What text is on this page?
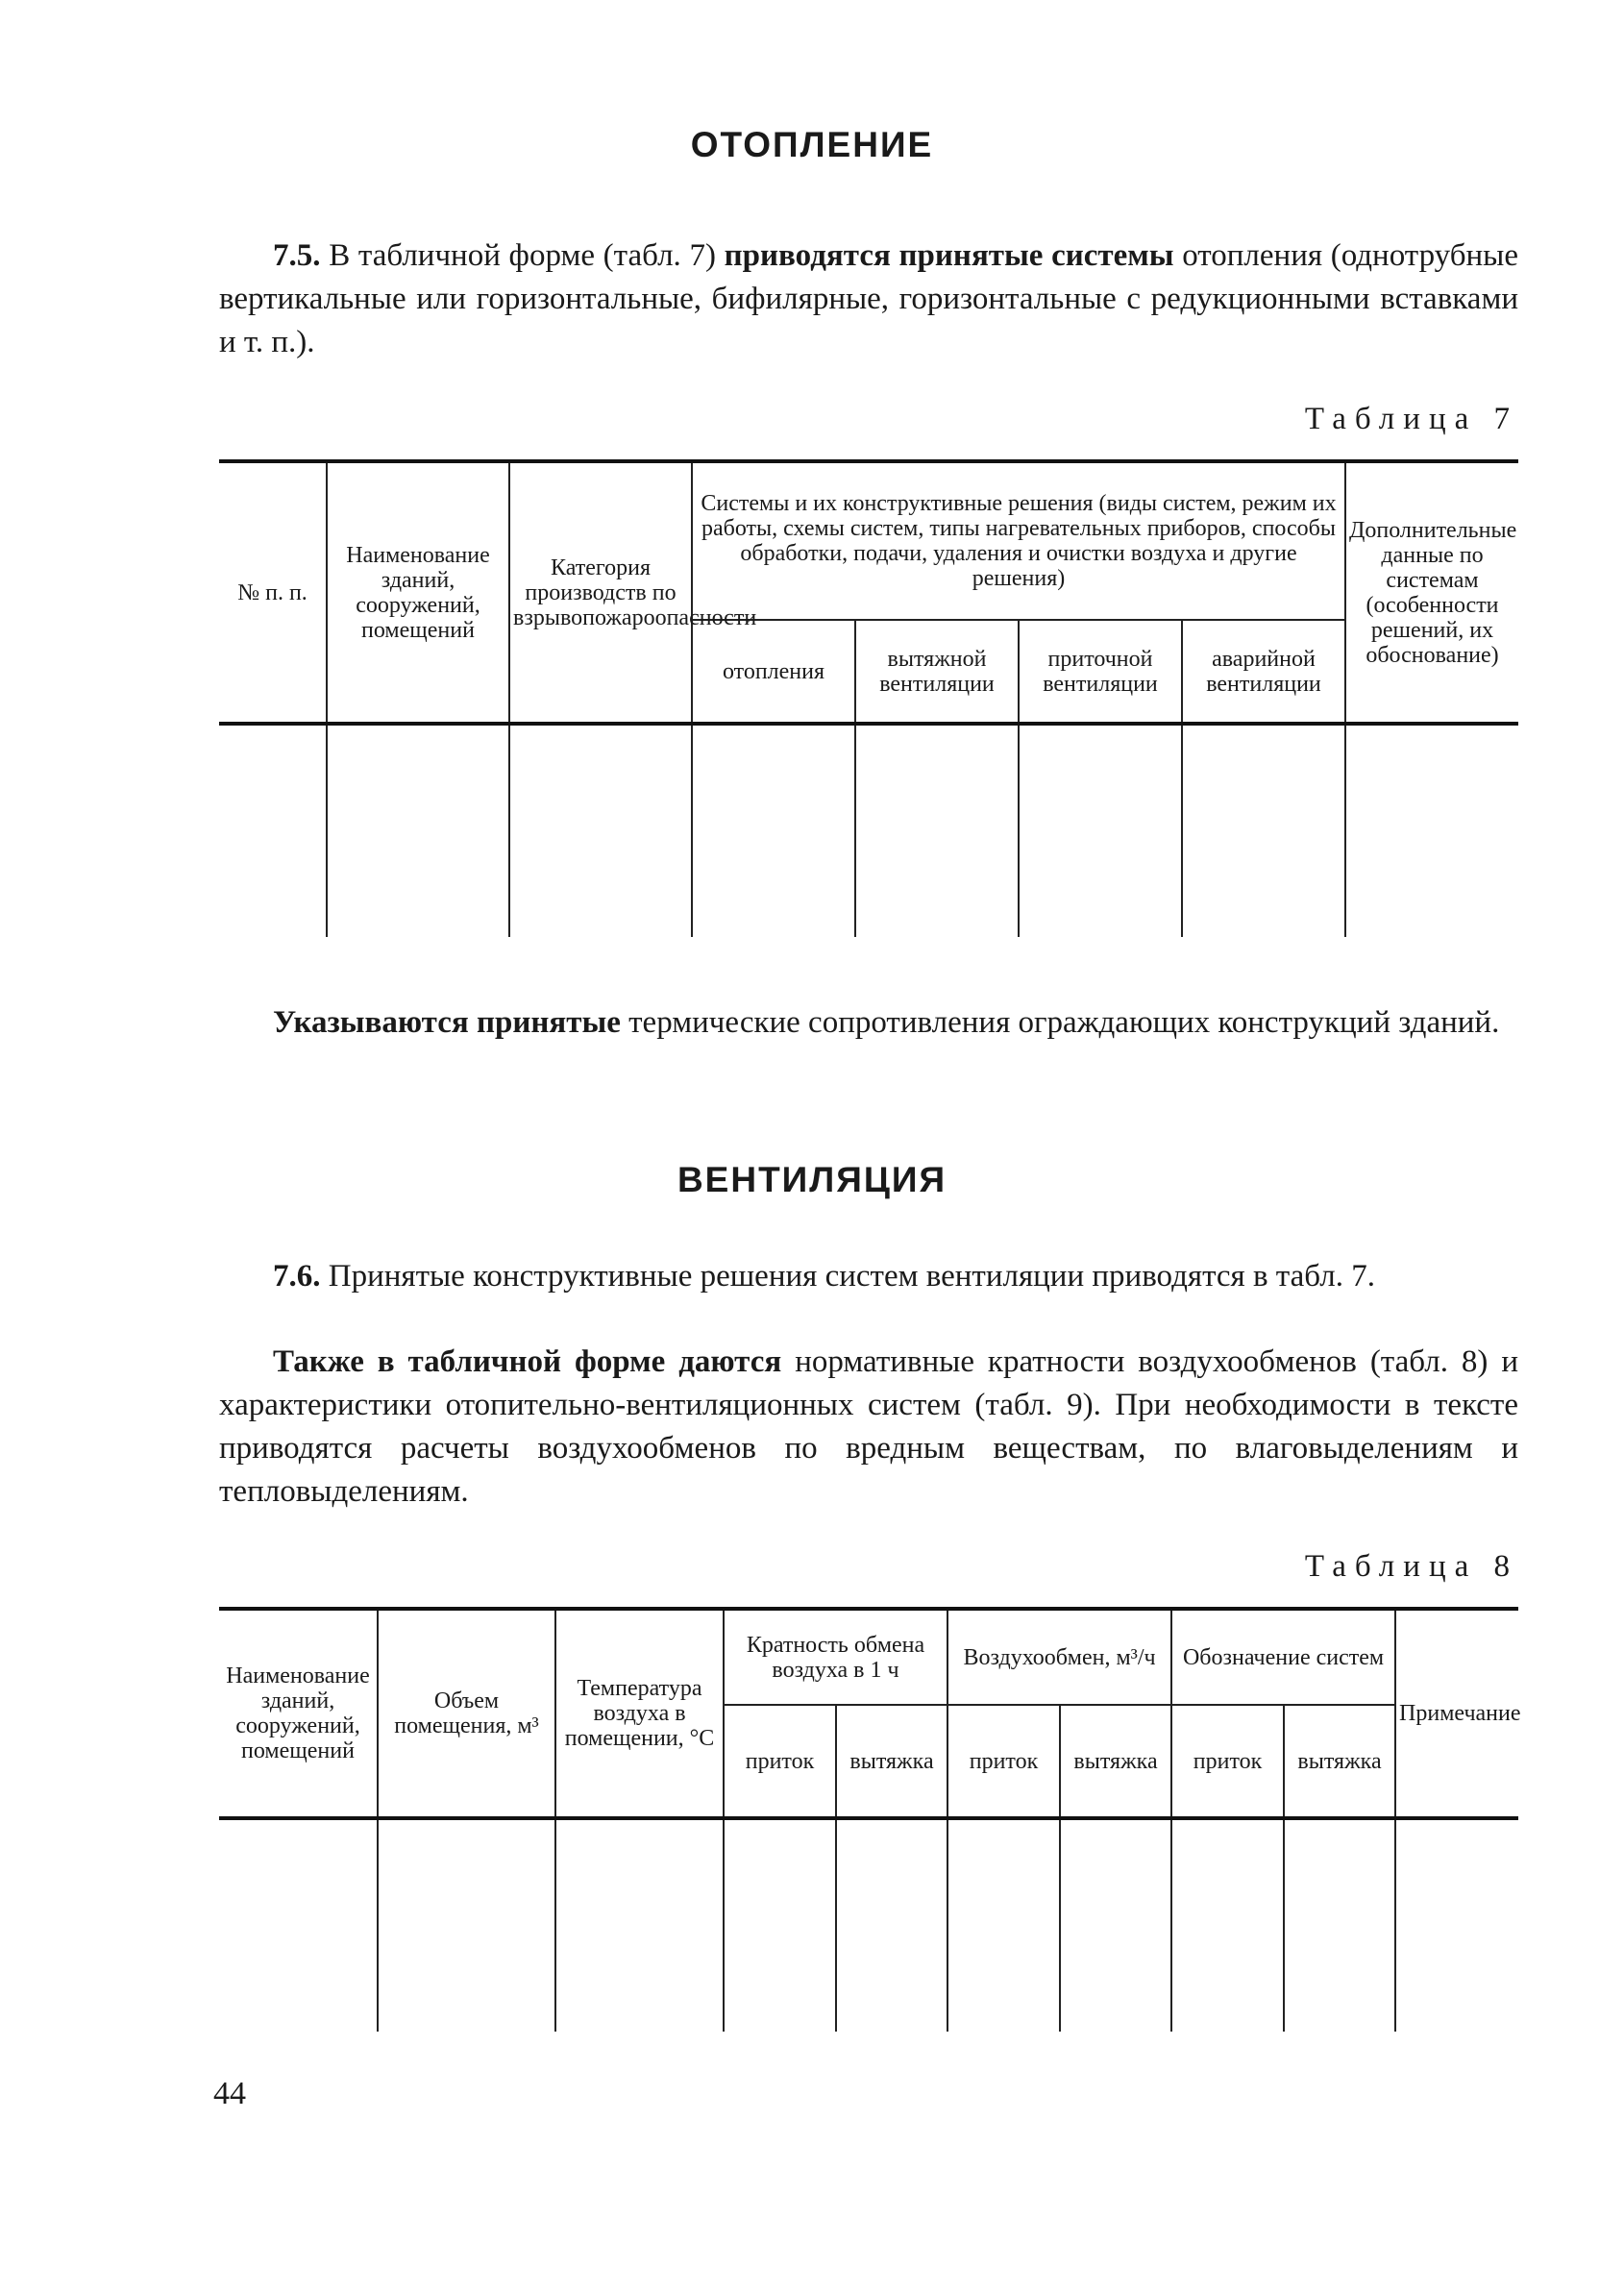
ОТОПЛЕНИЕ

7.5. В табличной форме (табл. 7) приводятся принятые системы отопления (однотрубные вертикальные или горизонтальные, бифилярные, горизонтальные с редукционными вставками и т. п.).

Таблица 7
№ п. п.	Наименование зданий, сооружений, помещений	Категория производств по взрывопожароопасности	Системы и их конструктивные решения (виды систем, режим их работы, схемы систем, типы нагревательных приборов, способы обработки, подачи, удаления и очистки воздуха и другие решения)				Дополнительные данные по системам (особенности решений, их обоснование)
			отопления	вытяжной вентиляции	приточной вентиляции	аварийной вентиляции	

Указываются принятые термические сопротивления ограждающих конструкций зданий.

ВЕНТИЛЯЦИЯ

7.6. Принятые конструктивные решения систем вентиляции приводятся в табл. 7.

Также в табличной форме даются нормативные кратности воздухообменов (табл. 8) и характеристики отопительно-вентиляционных систем (табл. 9). При необходимости в тексте приводятся расчеты воздухообменов по вредным веществам, по влаговыделениям и тепловыделениям.

Таблица 8
Наименование зданий, сооружений, помещений	Объем помещения, м³	Температура воздуха в помещении, °С	Кратность обмена воздуха в 1 ч		Воздухообмен, м³/ч		Обозначение систем		Примечание
			приток	вытяжка	приток	вытяжка	приток	вытяжка	

44
